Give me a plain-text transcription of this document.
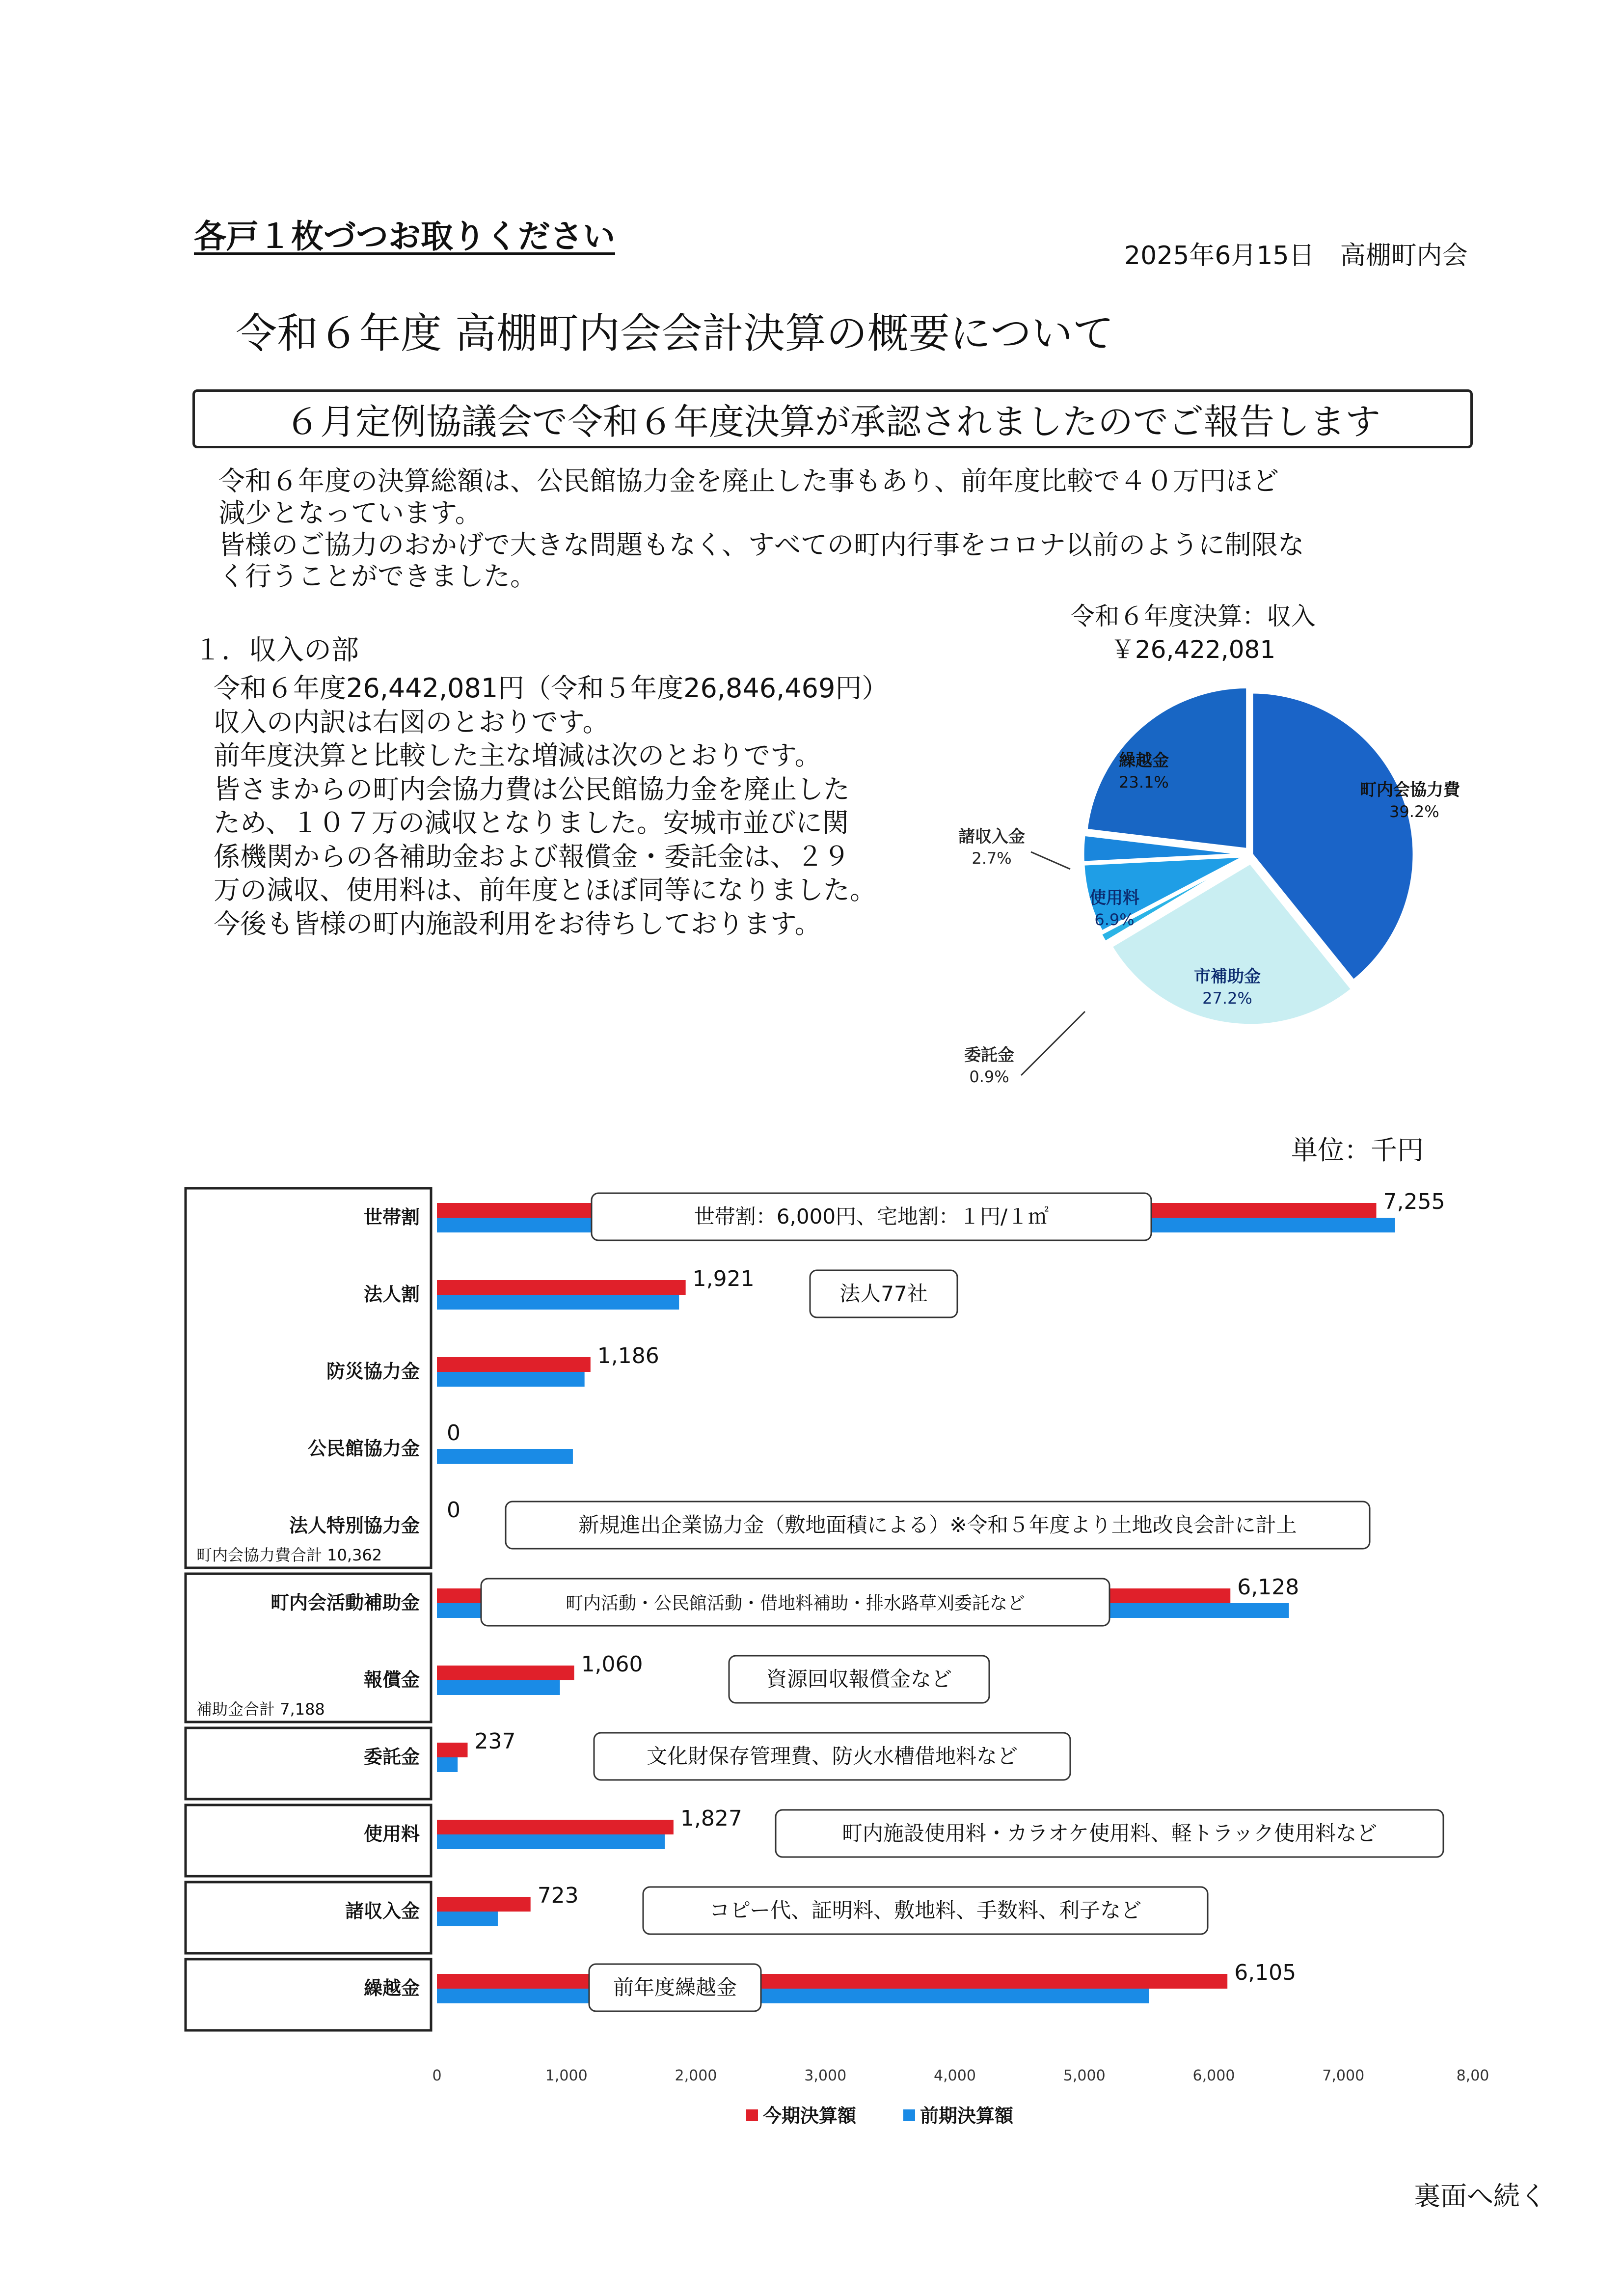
各戸１枚づつお取りください
2025年6月15日　高棚町内会
令和６年度 高棚町内会会計決算の概要について
６月定例協議会で令和６年度決算が承認されましたのでご報告します
令和６年度の決算総額は、公民館協力金を廃止した事もあり、前年度比較で４０万円ほど
減少となっています。
皆様のご協力のおかげで大きな問題もなく、すべての町内行事をコロナ以前のように制限な
く行うことができました。
１．収入の部
令和６年度26,442,081円（令和５年度26,846,469円）
収入の内訳は右図のとおりです。
前年度決算と比較した主な増減は次のとおりです。
皆さまからの町内会協力費は公民館協力金を廃止した
ため、１０７万の減収となりました。安城市並びに関
係機関からの各補助金および報償金・委託金は、２９
万の減収、使用料は、前年度とほぼ同等になりました。
今後も皆様の町内施設利用をお待ちしております。
令和６年度決算：収入
￥26,422,081
町内会協力費
39.2%
市補助金
27.2%
委託金
0.9%
使用料
6.9%
諸収入金
2.7%
繰越金
23.1%
単位：千円
世帯割
7,255
法人割
1,921
防災協力金
1,186
公民館協力金
0
法人特別協力金
0
町内会活動補助金
6,128
報償金
1,060
委託金
237
使用料
1,827
諸収入金
723
繰越金
6,105
世帯割：6,000円、宅地割：１円/１㎡
法人77社
新規進出企業協力金（敷地面積による）※令和５年度より土地改良会計に計上
町内活動・公民館活動・借地料補助・排水路草刈委託など
資源回収報償金など
文化財保存管理費、防火水槽借地料など
町内施設使用料・カラオケ使用料、軽トラック使用料など
コピー代、証明料、敷地料、手数料、利子など
前年度繰越金
町内会協力費合計 10,362
補助金合計 7,188
0	1,000	2,000	3,000	4,000	5,000	6,000	7,000	8,00
今期決算額	前期決算額
裏面へ続く
